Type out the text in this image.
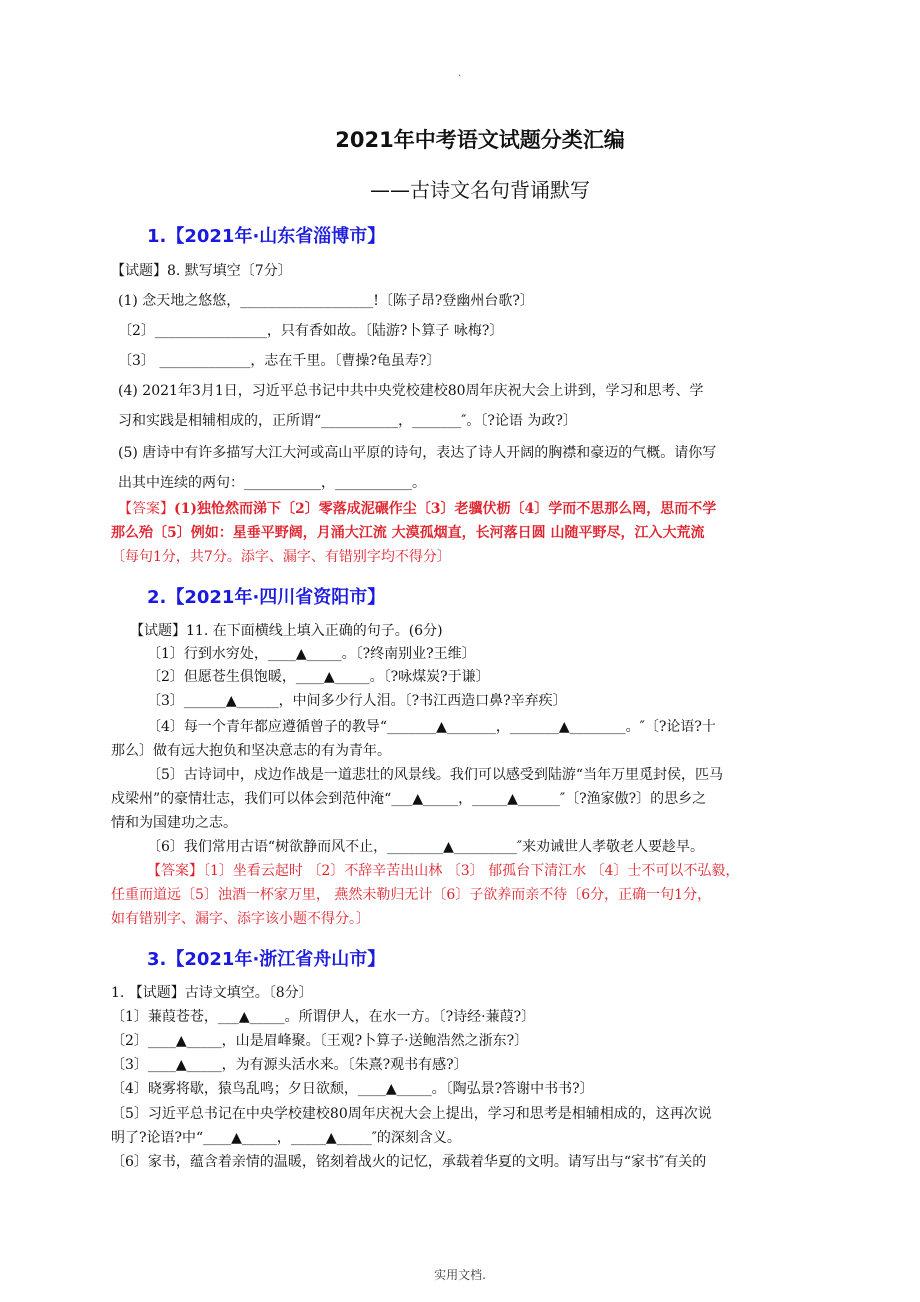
.
2021年中考语文试题分类汇编
——古诗文名句背诵默写
1.【2021年·山东省淄博市】
【试题】8. 默写填空〔7分〕
(1) 念天地之悠悠，___________________!〔陈子昂?登幽州台歌?〕
〔2〕________________，只有香如故。〔陆游?卜算子 咏梅?〕
〔3〕 _____________，志在千里。〔曹操?龟虽寿?〕
(4) 2021年3月1日，习近平总书记中共中央党校建校80周年庆祝大会上讲到，学习和思考、学
习和实践是相辅相成的，正所谓“___________，_______″。〔?论语 为政?〕
(5) 唐诗中有许多描写大江大河或高山平原的诗句，表达了诗人开阔的胸襟和豪迈的气概。请你写
出其中连续的两句：___________，___________。
【答案】(1)独怆然而涕下〔2〕零落成泥碾作尘〔3〕老骥伏枥〔4〕学而不思那么罔，思而不学
那么殆〔5〕例如：星垂平野阔，月涌大江流 大漠孤烟直，长河落日圆 山随平野尽，江入大荒流
〔每句1分，共7分。添字、漏字、有错别字均不得分〕
2.【2021年·四川省资阳市】
【试题】11. 在下面横线上填入正确的句子。(6分)
〔1〕行到水穷处，____▲_____。〔?终南别业?王维〕
〔2〕但愿苍生俱饱暖，____▲_____。〔?咏煤炭?于谦〕
〔3〕______▲______，中间多少行人泪。〔?书江西造口鼻?辛弃疾〕
〔4〕每一个青年都应遵循曾子的教导“_______▲_______，_______▲________。″〔?论语?十
那么〕做有远大抱负和坚决意志的有为青年。
〔5〕古诗词中，戍边作战是一道悲壮的风景线。我们可以感受到陆游“当年万里觅封侯，匹马
戍梁州”的豪情壮志，我们可以体会到范仲淹“___▲_____，_____▲______″〔?渔家傲?〕的思乡之
情和为国建功之志。
〔6〕我们常用古语“树欲静而风不止，________▲_________″来劝诫世人孝敬老人要趁早。
【答案】〔1〕坐看云起时 〔2〕不辞辛苦出山林 〔3〕 郁孤台下清江水 〔4〕士不可以不弘毅，
任重而道远〔5〕浊酒一杯家万里， 燕然未勒归无计〔6〕子欲养而亲不待〔6分，正确一句1分，
如有错别字、漏字、添字该小题不得分。〕
3.【2021年·浙江省舟山市】
1. 【试题】古诗文填空。〔8分〕
〔1〕蒹葭苍苍，___▲_____。所谓伊人，在水一方。〔?诗经·蒹葭?〕
〔2〕____▲_____，山是眉峰聚。〔王观?卜算子·送鲍浩然之浙东?〕
〔3〕____▲_____，为有源头活水来。〔朱熹?观书有感?〕
〔4〕晓雾将歇，猿鸟乱鸣；夕日欲颓，____▲_____。〔陶弘景?答谢中书书?〕
〔5〕习近平总书记在中央学校建校80周年庆祝大会上提出，学习和思考是相辅相成的，这再次说
明了?论语?中“____▲_____，_____▲_____″的深刻含义。
〔6〕家书，蕴含着亲情的温暖，铭刻着战火的记忆，承载着华夏的文明。请写出与“家书″有关的
实用文档.
